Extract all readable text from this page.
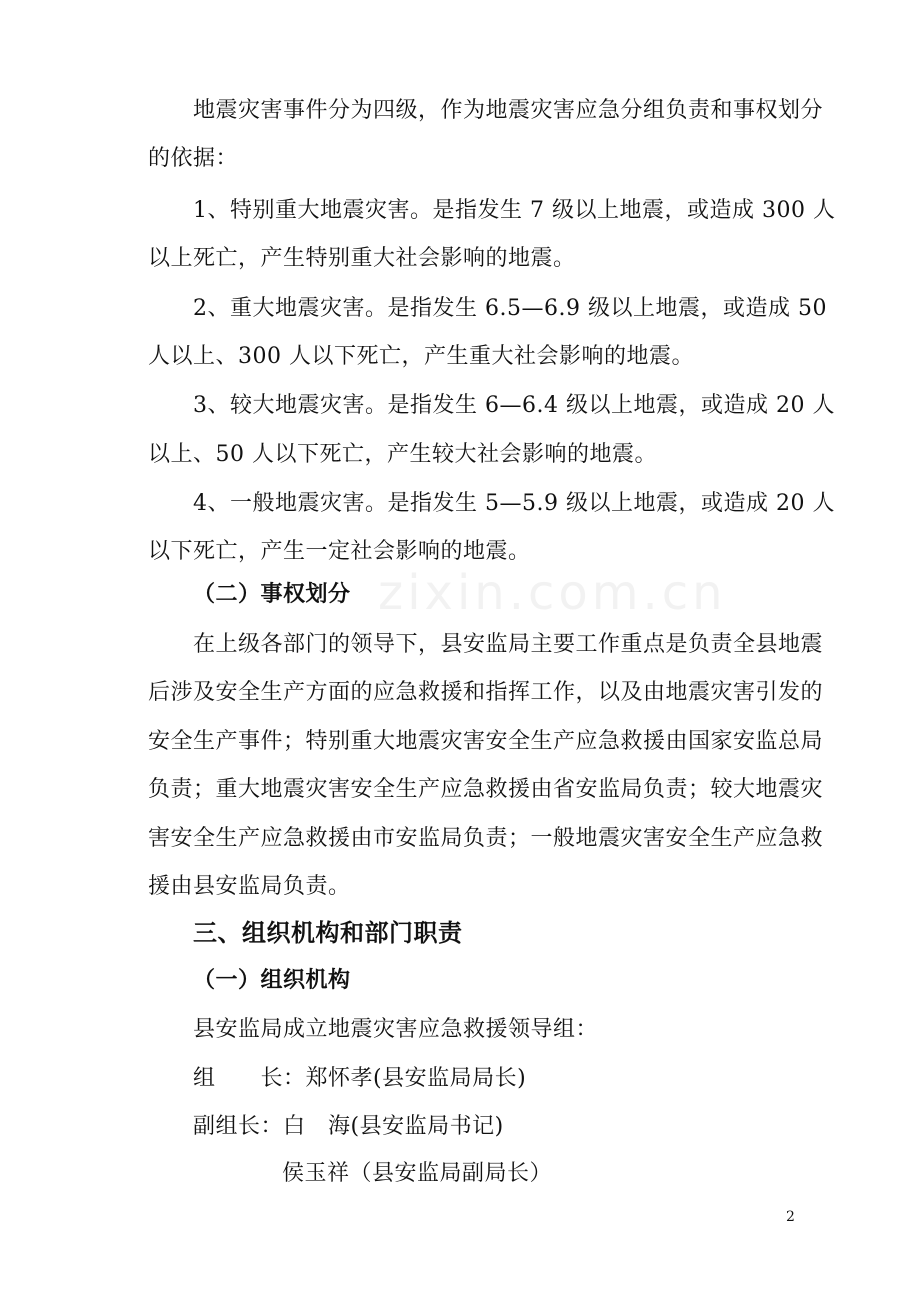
zixin.com.cn
地震灾害事件分为四级，作为地震灾害应急分组负责和事权划分
的依据：
1、特别重大地震灾害。是指发生 7 级以上地震，或造成 300 人
以上死亡，产生特别重大社会影响的地震。
2、重大地震灾害。是指发生 6.5—6.9 级以上地震，或造成 50
人以上、300 人以下死亡，产生重大社会影响的地震。
3、较大地震灾害。是指发生 6—6.4 级以上地震，或造成 20 人
以上、50 人以下死亡，产生较大社会影响的地震。
4、一般地震灾害。是指发生 5—5.9 级以上地震，或造成 20 人
以下死亡，产生一定社会影响的地震。
（二）事权划分
在上级各部门的领导下，县安监局主要工作重点是负责全县地震
后涉及安全生产方面的应急救援和指挥工作，以及由地震灾害引发的
安全生产事件；特别重大地震灾害安全生产应急救援由国家安监总局
负责；重大地震灾害安全生产应急救援由省安监局负责；较大地震灾
害安全生产应急救援由市安监局负责；一般地震灾害安全生产应急救
援由县安监局负责。
三、组织机构和部门职责
（一）组织机构
县安监局成立地震灾害应急救援领导组：
组　　长：郑怀孝(县安监局局长)
副组长：白　海(县安监局书记)
侯玉祥（县安监局副局长）
2
